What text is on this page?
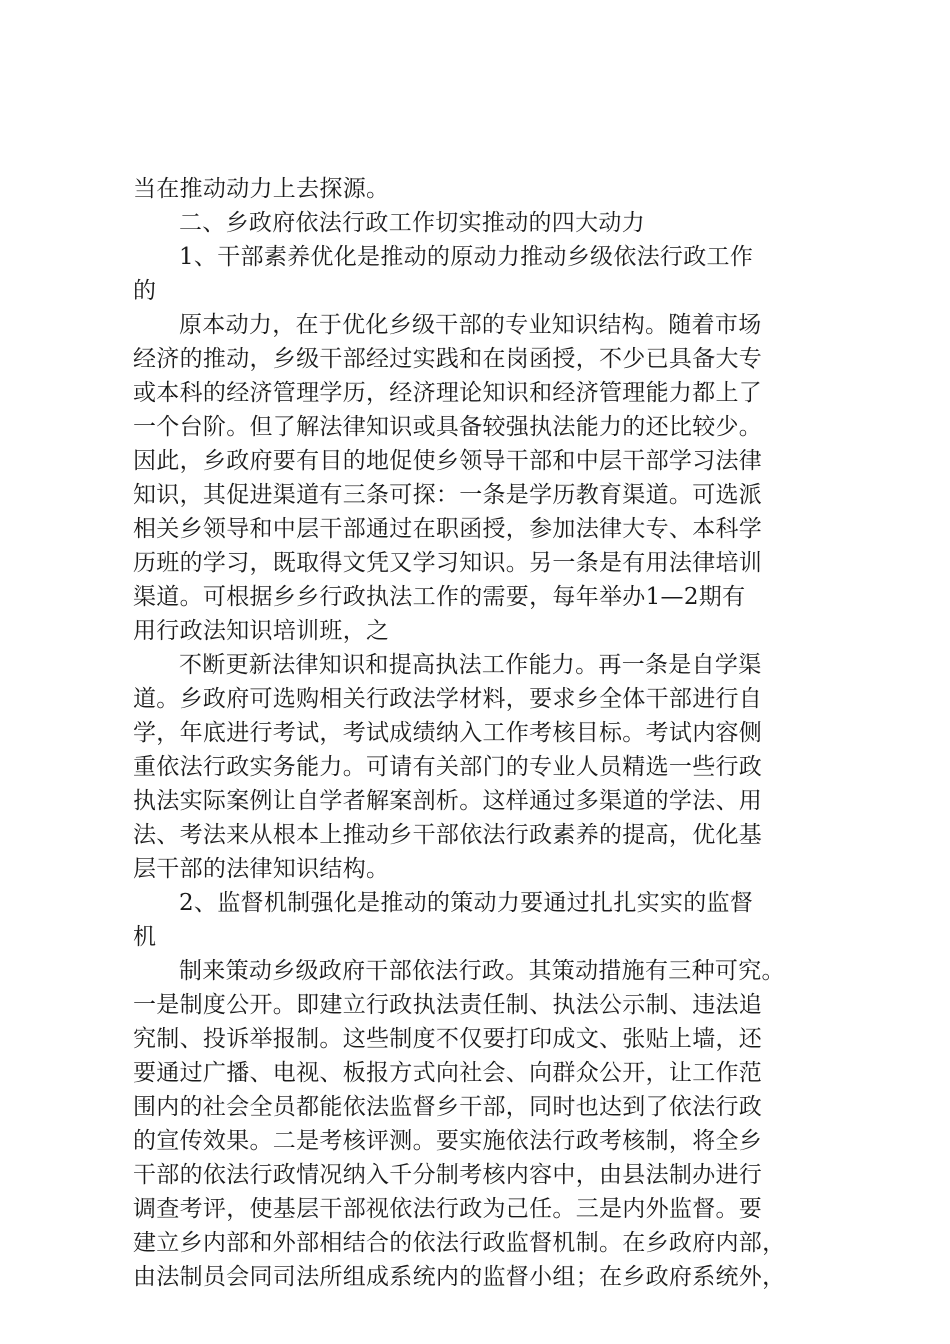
当在推动动力上去探源。
二、乡政府依法行政工作切实推动的四大动力
1、干部素养优化是推动的原动力推动乡级依法行政工作
的
原本动力，在于优化乡级干部的专业知识结构。随着市场
经济的推动，乡级干部经过实践和在岗函授，不少已具备大专
或本科的经济管理学历，经济理论知识和经济管理能力都上了
一个台阶。但了解法律知识或具备较强执法能力的还比较少。
因此，乡政府要有目的地促使乡领导干部和中层干部学习法律
知识，其促进渠道有三条可探：一条是学历教育渠道。可选派
相关乡领导和中层干部通过在职函授，参加法律大专、本科学
历班的学习，既取得文凭又学习知识。另一条是有用法律培训
渠道。可根据乡乡行政执法工作的需要，每年举办1—2期有
用行政法知识培训班，之
不断更新法律知识和提高执法工作能力。再一条是自学渠
道。乡政府可选购相关行政法学材料，要求乡全体干部进行自
学，年底进行考试，考试成绩纳入工作考核目标。考试内容侧
重依法行政实务能力。可请有关部门的专业人员精选一些行政
执法实际案例让自学者解案剖析。这样通过多渠道的学法、用
法、考法来从根本上推动乡干部依法行政素养的提高，优化基
层干部的法律知识结构。
2、监督机制强化是推动的策动力要通过扎扎实实的监督
机
制来策动乡级政府干部依法行政。其策动措施有三种可究。
一是制度公开。即建立行政执法责任制、执法公示制、违法追
究制、投诉举报制。这些制度不仅要打印成文、张贴上墙，还
要通过广播、电视、板报方式向社会、向群众公开，让工作范
围内的社会全员都能依法监督乡干部，同时也达到了依法行政
的宣传效果。二是考核评测。要实施依法行政考核制，将全乡
干部的依法行政情况纳入千分制考核内容中，由县法制办进行
调查考评，使基层干部视依法行政为己任。三是内外监督。要
建立乡内部和外部相结合的依法行政监督机制。在乡政府内部，
由法制员会同司法所组成系统内的监督小组；在乡政府系统外，
